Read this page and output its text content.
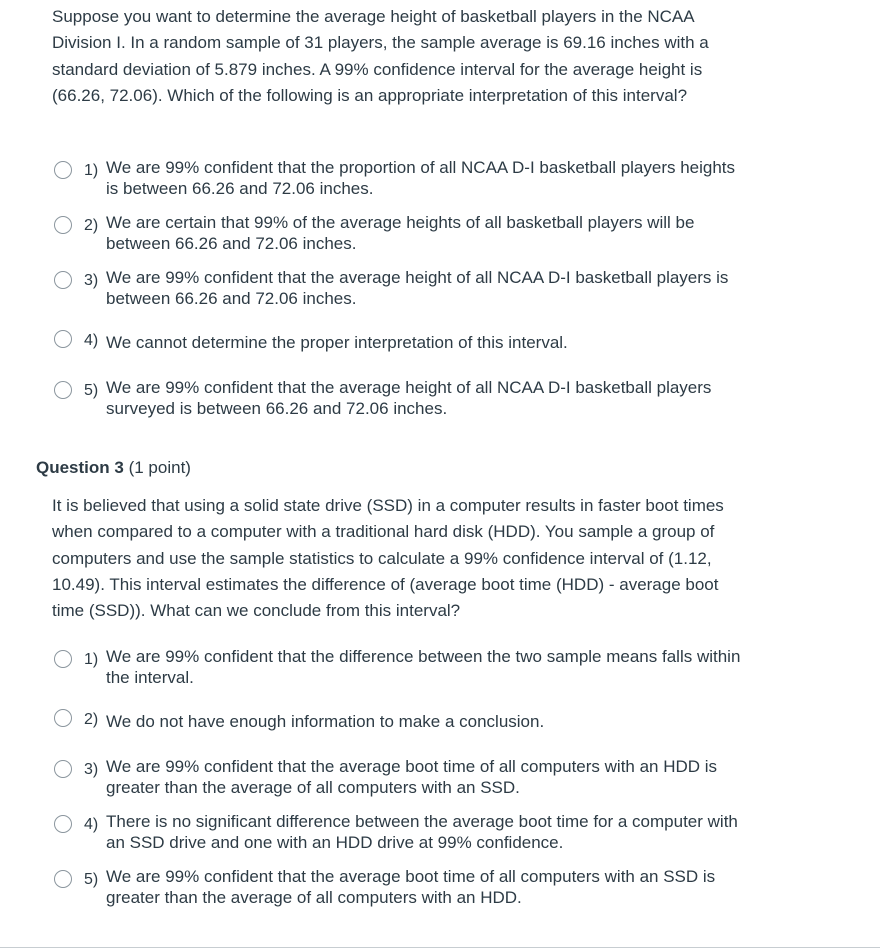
Suppose you want to determine the average height of basketball players in the NCAA Division I. In a random sample of 31 players, the sample average is 69.16 inches with a standard deviation of 5.879 inches. A 99% confidence interval for the average height is (66.26, 72.06). Which of the following is an appropriate interpretation of this interval?

1) We are 99% confident that the proportion of all NCAA D-I basketball players heights is between 66.26 and 72.06 inches.
2) We are certain that 99% of the average heights of all basketball players will be between 66.26 and 72.06 inches.
3) We are 99% confident that the average height of all NCAA D-I basketball players is between 66.26 and 72.06 inches.
4) We cannot determine the proper interpretation of this interval.
5) We are 99% confident that the average height of all NCAA D-I basketball players surveyed is between 66.26 and 72.06 inches.
Question 3 (1 point)

It is believed that using a solid state drive (SSD) in a computer results in faster boot times when compared to a computer with a traditional hard disk (HDD). You sample a group of computers and use the sample statistics to calculate a 99% confidence interval of (1.12, 10.49). This interval estimates the difference of (average boot time (HDD) - average boot time (SSD)). What can we conclude from this interval?

1) We are 99% confident that the difference between the two sample means falls within the interval.
2) We do not have enough information to make a conclusion.
3) We are 99% confident that the average boot time of all computers with an HDD is greater than the average of all computers with an SSD.
4) There is no significant difference between the average boot time for a computer with an SSD drive and one with an HDD drive at 99% confidence.
5) We are 99% confident that the average boot time of all computers with an SSD is greater than the average of all computers with an HDD.
